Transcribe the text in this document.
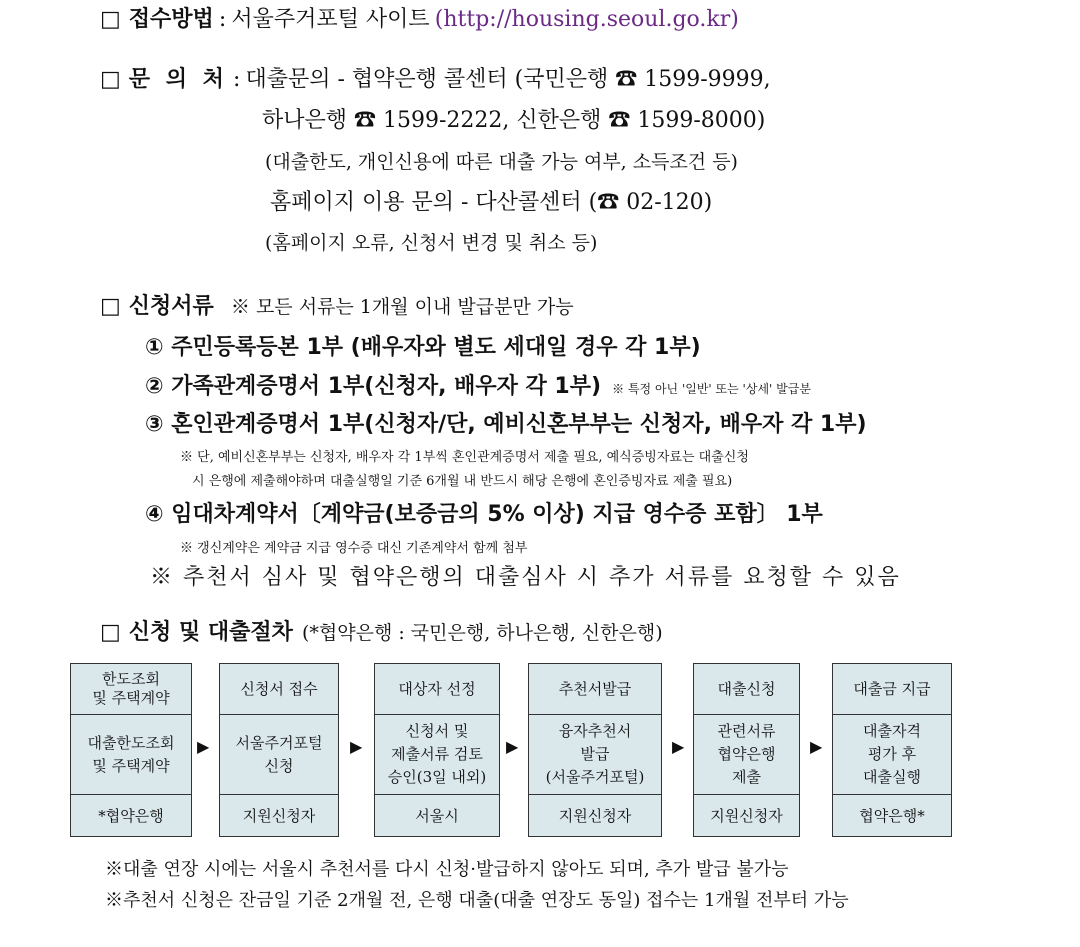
□ 접수방법 : 서울주거포털 사이트 (http://housing.seoul.go.kr)
□ 문 의 처 : 대출문의 - 협약은행 콜센터 (국민은행 ☎ 1599-9999,
하나은행 ☎ 1599-2222, 신한은행 ☎ 1599-8000)
(대출한도, 개인신용에 따른 대출 가능 여부, 소득조건 등)
홈페이지 이용 문의 - 다산콜센터 (☎ 02-120)
(홈페이지 오류, 신청서 변경 및 취소 등)
□ 신청서류 ※ 모든 서류는 1개월 이내 발급분만 가능
① 주민등록등본 1부 (배우자와 별도 세대일 경우 각 1부)
② 가족관계증명서 1부(신청자, 배우자 각 1부) ※ 특정 아닌 '일반' 또는 '상세' 발급분
③ 혼인관계증명서 1부(신청자/단, 예비신혼부부는 신청자, 배우자 각 1부)
※ 단, 예비신혼부부는 신청자, 배우자 각 1부씩 혼인관계증명서 제출 필요, 예식증빙자료는 대출신청
시 은행에 제출해야하며 대출실행일 기준 6개월 내 반드시 해당 은행에 혼인증빙자료 제출 필요)
④ 임대차계약서〔계약금(보증금의 5% 이상) 지급 영수증 포함〕 1부
※ 갱신계약은 계약금 지급 영수증 대신 기존계약서 함께 첨부
※ 추천서 심사 및 협약은행의 대출심사 시 추가 서류를 요청할 수 있음
□ 신청 및 대출절차 (*협약은행 : 국민은행, 하나은행, 신한은행)
한도조회
및 주택계약
대출한도조회
및 주택계약
*협약은행
▶
신청서 접수
서울주거포털
신청
지원신청자
▶
대상자 선정
신청서 및
제출서류 검토
승인(3일 내외)
서울시
▶
추천서발급
융자추천서
발급
(서울주거포털)
지원신청자
▶
대출신청
관련서류
협약은행
제출
지원신청자
▶
대출금 지급
대출자격
평가 후
대출실행
협약은행*
※대출 연장 시에는 서울시 추천서를 다시 신청·발급하지 않아도 되며, 추가 발급 불가능
※추천서 신청은 잔금일 기준 2개월 전, 은행 대출(대출 연장도 동일) 접수는 1개월 전부터 가능
